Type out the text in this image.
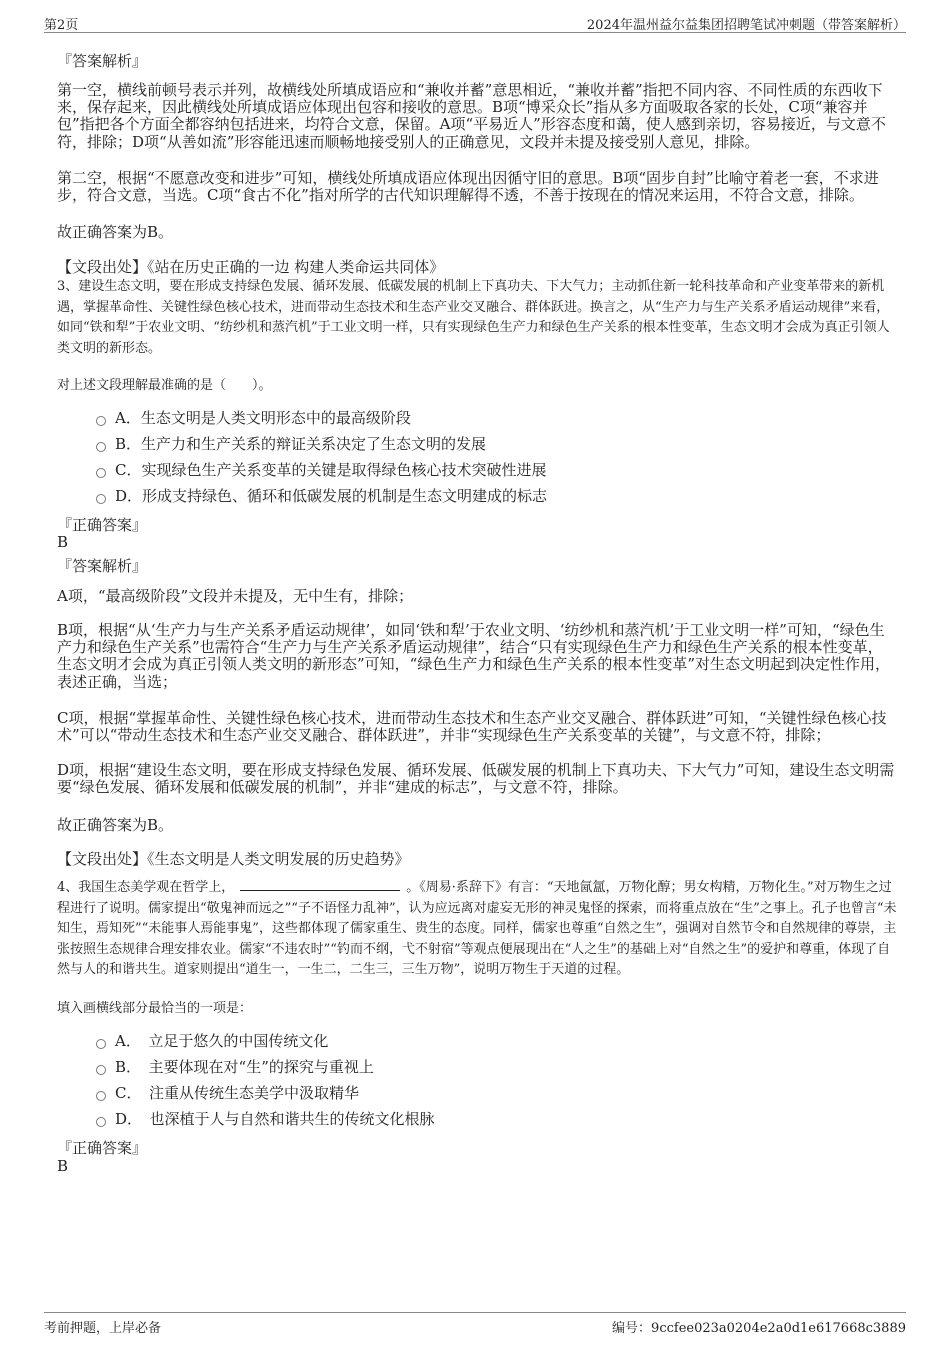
第2页	2024年温州益尔益集团招聘笔试冲刺题（带答案解析）
『答案解析』

第一空，横线前顿号表示并列，故横线处所填成语应和“兼收并蓄”意思相近，“兼收并蓄”指把不同内容、不同性质的东西收下来，保存起来，因此横线处所填成语应体现出包容和接收的意思。B项“博采众长”指从多方面吸取各家的长处，C项“兼容并包”指把各个方面全都容纳包括进来，均符合文意，保留。A项“平易近人”形容态度和蔼，使人感到亲切，容易接近，与文意不符，排除；D项“从善如流”形容能迅速而顺畅地接受别人的正确意见，文段并未提及接受别人意见，排除。

第二空，根据“不愿意改变和进步”可知，横线处所填成语应体现出因循守旧的意思。B项“固步自封”比喻守着老一套，不求进步，符合文意，当选。C项“食古不化”指对所学的古代知识理解得不透，不善于按现在的情况来运用，不符合文意，排除。

故正确答案为B。
【文段出处】《站在历史正确的一边 构建人类命运共同体》

3、建设生态文明，要在形成支持绿色发展、循环发展、低碳发展的机制上下真功夫、下大气力；主动抓住新一轮科技革命和产业变革带来的新机遇，掌握革命性、关键性绿色核心技术，进而带动生态技术和生态产业交叉融合、群体跃进。换言之，从“生产力与生产关系矛盾运动规律”来看，如同“铁和犁”于农业文明、“纺纱机和蒸汽机”于工业文明一样，只有实现绿色生产力和绿色生产关系的根本性变革，生态文明才会成为真正引领人类文明的新形态。

对上述文段理解最准确的是（　　）。
A．生态文明是人类文明形态中的最高级阶段
B．生产力和生产关系的辩证关系决定了生态文明的发展
C．实现绿色生产关系变革的关键是取得绿色核心技术突破性进展
D．形成支持绿色、循环和低碳发展的机制是生态文明建成的标志
『正确答案』
B
『答案解析』

A项，“最高级阶段”文段并未提及，无中生有，排除；

B项，根据“从‘生产力与生产关系矛盾运动规律’，如同‘铁和犁’于农业文明、‘纺纱机和蒸汽机’于工业文明一样”可知，“绿色生产力和绿色生产关系”也需符合“生产力与生产关系矛盾运动规律”，结合“只有实现绿色生产力和绿色生产关系的根本性变革，生态文明才会成为真正引领人类文明的新形态”可知，“绿色生产力和绿色生产关系的根本性变革”对生态文明起到决定性作用，表述正确，当选；

C项，根据“掌握革命性、关键性绿色核心技术，进而带动生态技术和生态产业交叉融合、群体跃进”可知，“关键性绿色核心技术”可以“带动生态技术和生态产业交叉融合、群体跃进”，并非“实现绿色生产关系变革的关键”，与文意不符，排除；

D项，根据“建设生态文明，要在形成支持绿色发展、循环发展、低碳发展的机制上下真功夫、下大气力”可知，建设生态文明需要“绿色发展、循环发展和低碳发展的机制”，并非“建成的标志”，与文意不符，排除。

故正确答案为B。
【文段出处】《生态文明是人类文明发展的历史趋势》

4、我国生态美学观在哲学上，	。《周易·系辞下》有言：“天地氤氲，万物化醇；男女构精，万物化生。”对万物生之过程进行了说明。儒家提出“敬鬼神而远之”“子不语怪力乱神”，认为应远离对虚妄无形的神灵鬼怪的探索，而将重点放在“生”之事上。孔子也曾言“未知生，焉知死”“未能事人焉能事鬼”，这些都体现了儒家重生、贵生的态度。同样，儒家也尊重“自然之生”，强调对自然节令和自然规律的尊崇，主张按照生态规律合理安排农业。儒家“不违农时”“钓而不纲，弋不射宿”等观点便展现出在“人之生”的基础上对“自然之生”的爱护和尊重，体现了自然与人的和谐共生。道家则提出“道生一，一生二，二生三，三生万物”，说明万物生于天道的过程。

填入画横线部分最恰当的一项是：
A．　立足于悠久的中国传统文化
B．　主要体现在对“生”的探究与重视上
C．　注重从传统生态美学中汲取精华
D．　也深植于人与自然和谐共生的传统文化根脉
『正确答案』
B
考前押题，上岸必备	编号：9ccfee023a0204e2a0d1e617668c3889
